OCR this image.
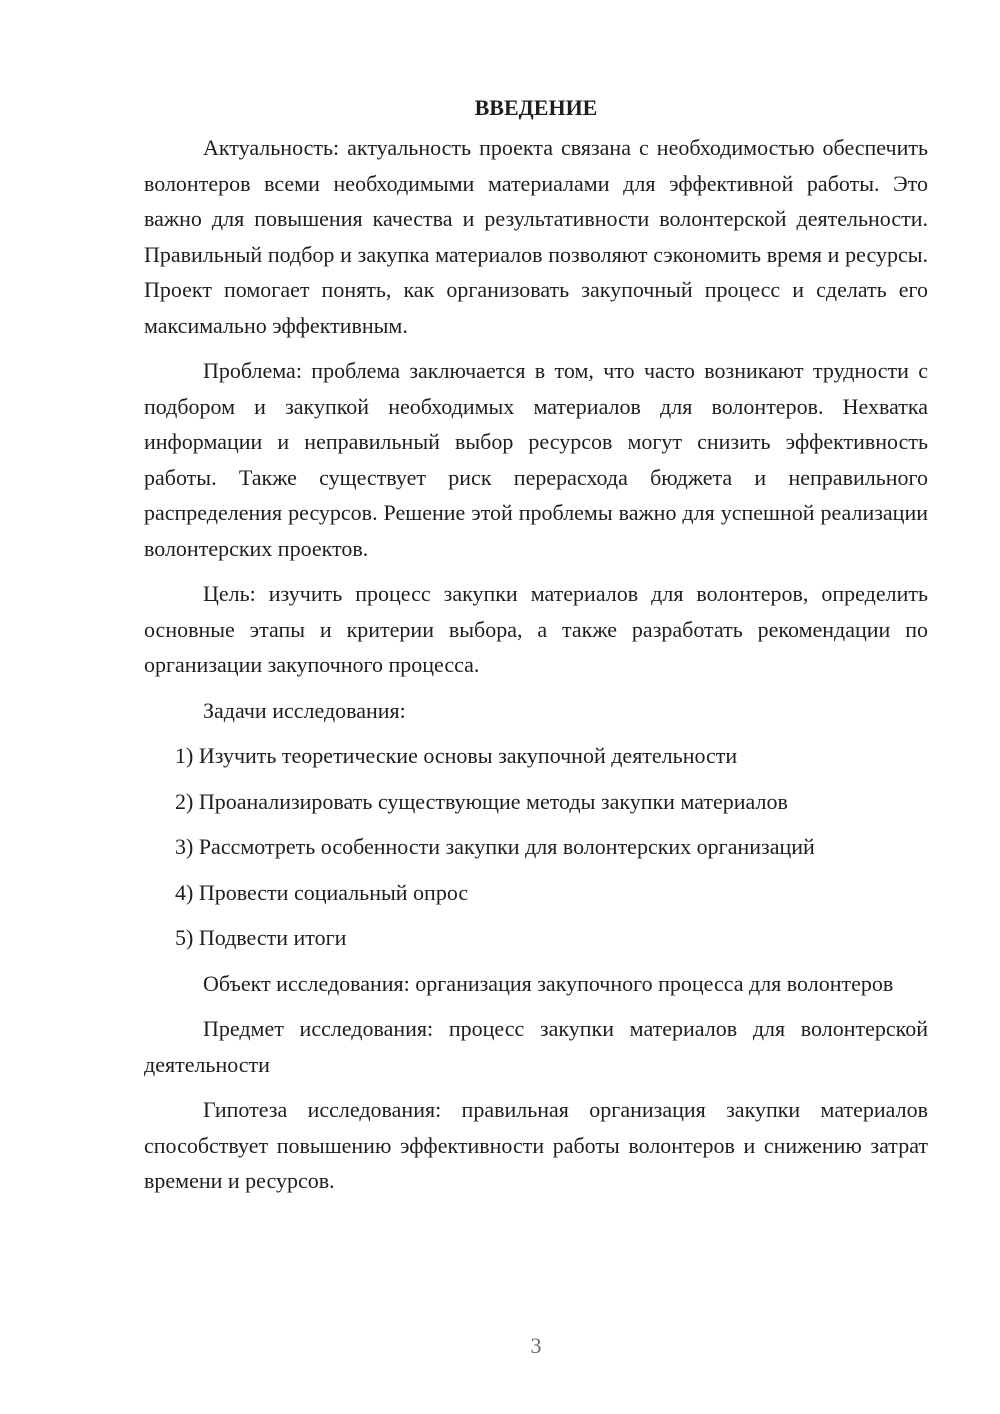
ВВЕДЕНИЕ

Актуальность: актуальность проекта связана с необходимостью обеспечить волонтеров всеми необходимыми материалами для эффективной работы. Это важно для повышения качества и результативности волонтерской деятельности. Правильный подбор и закупка материалов позволяют сэкономить время и ресурсы. Проект помогает понять, как организовать закупочный процесс и сделать его максимально эффективным.

Проблема: проблема заключается в том, что часто возникают трудности с подбором и закупкой необходимых материалов для волонтеров. Нехватка информации и неправильный выбор ресурсов могут снизить эффективность работы. Также существует риск перерасхода бюджета и неправильного распределения ресурсов. Решение этой проблемы важно для успешной реализации волонтерских проектов.

Цель: изучить процесс закупки материалов для волонтеров, определить основные этапы и критерии выбора, а также разработать рекомендации по организации закупочного процесса.

Задачи исследования:

1) Изучить теоретические основы закупочной деятельности
2) Проанализировать существующие методы закупки материалов
3) Рассмотреть особенности закупки для волонтерских организаций
4) Провести социальный опрос
5) Подвести итоги

Объект исследования: организация закупочного процесса для волонтеров

Предмет исследования: процесс закупки материалов для волонтерской деятельности

Гипотеза исследования: правильная организация закупки материалов способствует повышению эффективности работы волонтеров и снижению затрат времени и ресурсов.

3
